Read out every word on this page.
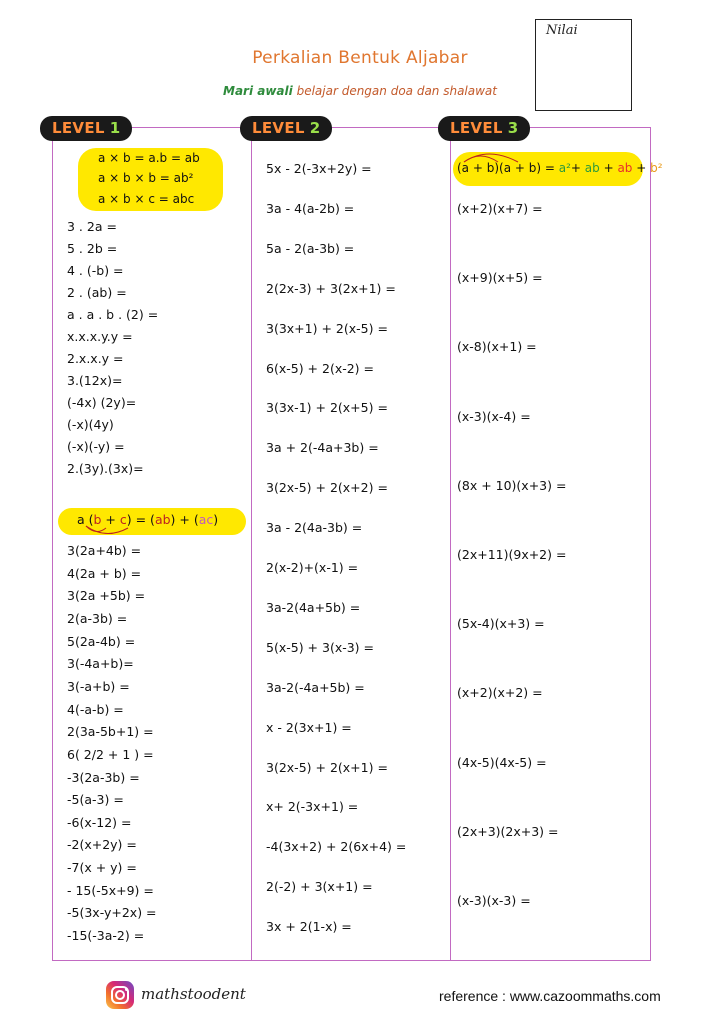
Nilai
Perkalian Bentuk Aljabar
Mari awali belajar dengan doa dan shalawat
LEVEL 1	LEVEL 2	LEVEL 3
a × b = a.b = ab
a × b × b = ab²
a × b × c = abc
3 . 2a =
5 . 2b =
4 . (-b) =
2 . (ab) =
a . a . b . (2) =
x.x.x.y.y =
2.x.x.y =
3.(12x)=
(-4x) (2y)=
(-x)(4y)
(-x)(-y) =
2.(3y).(3x)=
a (b + c) = (ab) + (ac)
3(2a+4b) =
4(2a + b) =
3(2a +5b) =
2(a-3b) =
5(2a-4b) =
3(-4a+b)=
3(-a+b) =
4(-a-b) =
2(3a-5b+1) =
6( 2/2 + 1 ) =
-3(2a-3b) =
-5(a-3) =
-6(x-12) =
-2(x+2y) =
-7(x + y) =
- 15(-5x+9) =
-5(3x-y+2x) =
-15(-3a-2) =
5x - 2(-3x+2y) =
3a - 4(a-2b) =
5a - 2(a-3b) =
2(2x-3) + 3(2x+1) =
3(3x+1) + 2(x-5) =
6(x-5) + 2(x-2) =
3(3x-1) + 2(x+5) =
3a + 2(-4a+3b) =
3(2x-5) + 2(x+2) =
3a - 2(4a-3b) =
2(x-2)+(x-1) =
3a-2(4a+5b) =
5(x-5) + 3(x-3) =
3a-2(-4a+5b) =
x - 2(3x+1) =
3(2x-5) + 2(x+1) =
x+ 2(-3x+1) =
-4(3x+2) + 2(6x+4) =
2(-2) + 3(x+1) =
3x + 2(1-x) =
(a + b)(a + b) = a²+ ab + ab + b²
(x+2)(x+7) =
(x+9)(x+5) =
(x-8)(x+1) =
(x-3)(x-4) =
(8x + 10)(x+3) =
(2x+11)(9x+2) =
(5x-4)(x+3) =
(x+2)(x+2) =
(4x-5)(4x-5) =
(2x+3)(2x+3) =
(x-3)(x-3) =
mathstoodent	reference : www.cazoommaths.com
